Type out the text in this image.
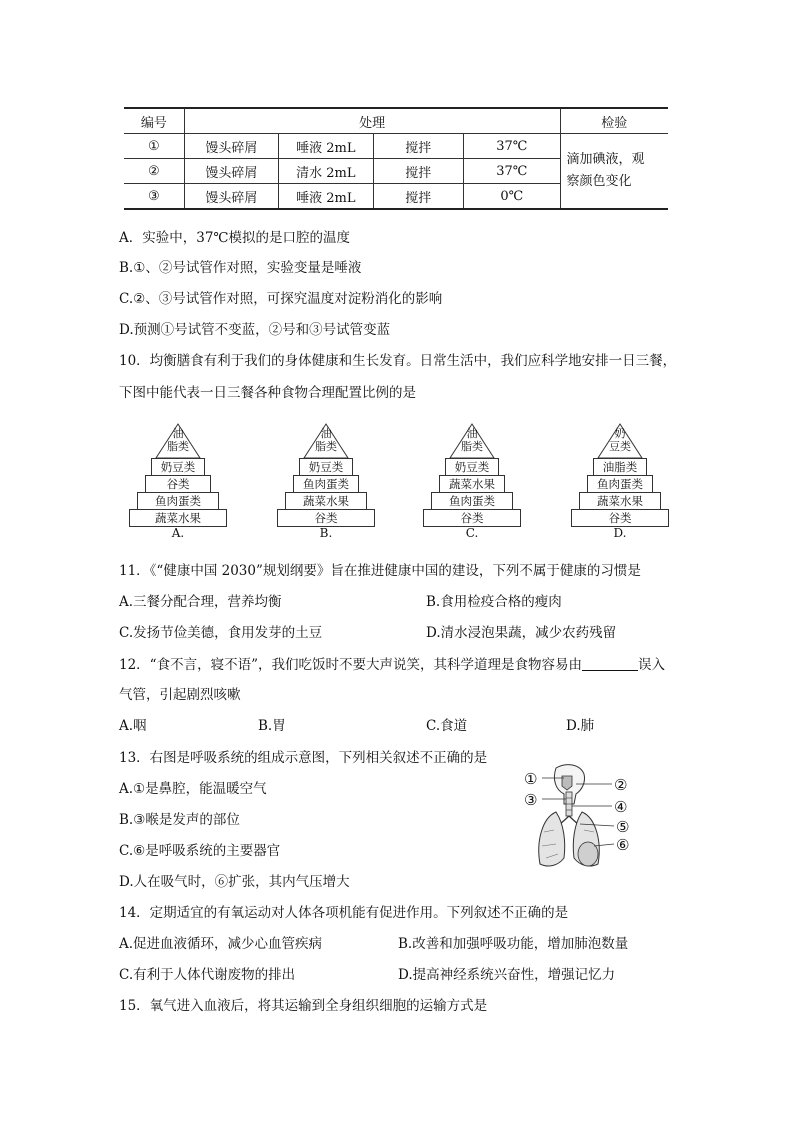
编号	处理				检验
①	馒头碎屑	唾液 2mL	搅拌	37℃	滴加碘液，观
察颜色变化

②	馒头碎屑	清水 2mL	搅拌	37℃	
③	馒头碎屑	唾液 2mL	搅拌	0℃	
A．实验中，37℃模拟的是口腔的温度
B.①、②号试管作对照，实验变量是唾液
C.②、③号试管作对照，可探究温度对淀粉消化的影响
D.预测①号试管不变蓝，②号和③号试管变蓝
10．均衡膳食有利于我们的身体健康和生长发育。日常生活中，我们应科学地安排一日三餐，
下图中能代表一日三餐各种食物合理配置比例的是
油
脂类
奶豆类
谷类
鱼肉蛋类
蔬菜水果
A.
油
脂类
奶豆类
鱼肉蛋类
蔬菜水果
谷类
B.
油
脂类
奶豆类
蔬菜水果
鱼肉蛋类
谷类
C.
奶
豆类
油脂类
鱼肉蛋类
蔬菜水果
谷类
D.
11．《“健康中国 2030”规划纲要》旨在推进健康中国的建设，下列不属于健康的习惯是
A.三餐分配合理，营养均衡	B.食用检疫合格的瘦肉
C.发扬节俭美德，食用发芽的土豆	D.清水浸泡果蔬，减少农药残留
12．“食不言，寝不语”，我们吃饭时不要大声说笑，其科学道理是食物容易由	误入
气管，引起剧烈咳嗽
A.咽	B.胃	C.食道	D.肺
13．右图是呼吸系统的组成示意图，下列相关叙述不正确的是
A.①是鼻腔，能温暖空气
B.③喉是发声的部位
C.⑥是呼吸系统的主要器官
D.人在吸气时，⑥扩张，其内气压增大
①	②
③	④
⑤
⑥
14．定期适宜的有氧运动对人体各项机能有促进作用。下列叙述不正确的是
A.促进血液循环，减少心血管疾病	B.改善和加强呼吸功能，增加肺泡数量
C.有利于人体代谢废物的排出	D.提高神经系统兴奋性，增强记忆力
15．氧气进入血液后，将其运输到全身组织细胞的运输方式是
